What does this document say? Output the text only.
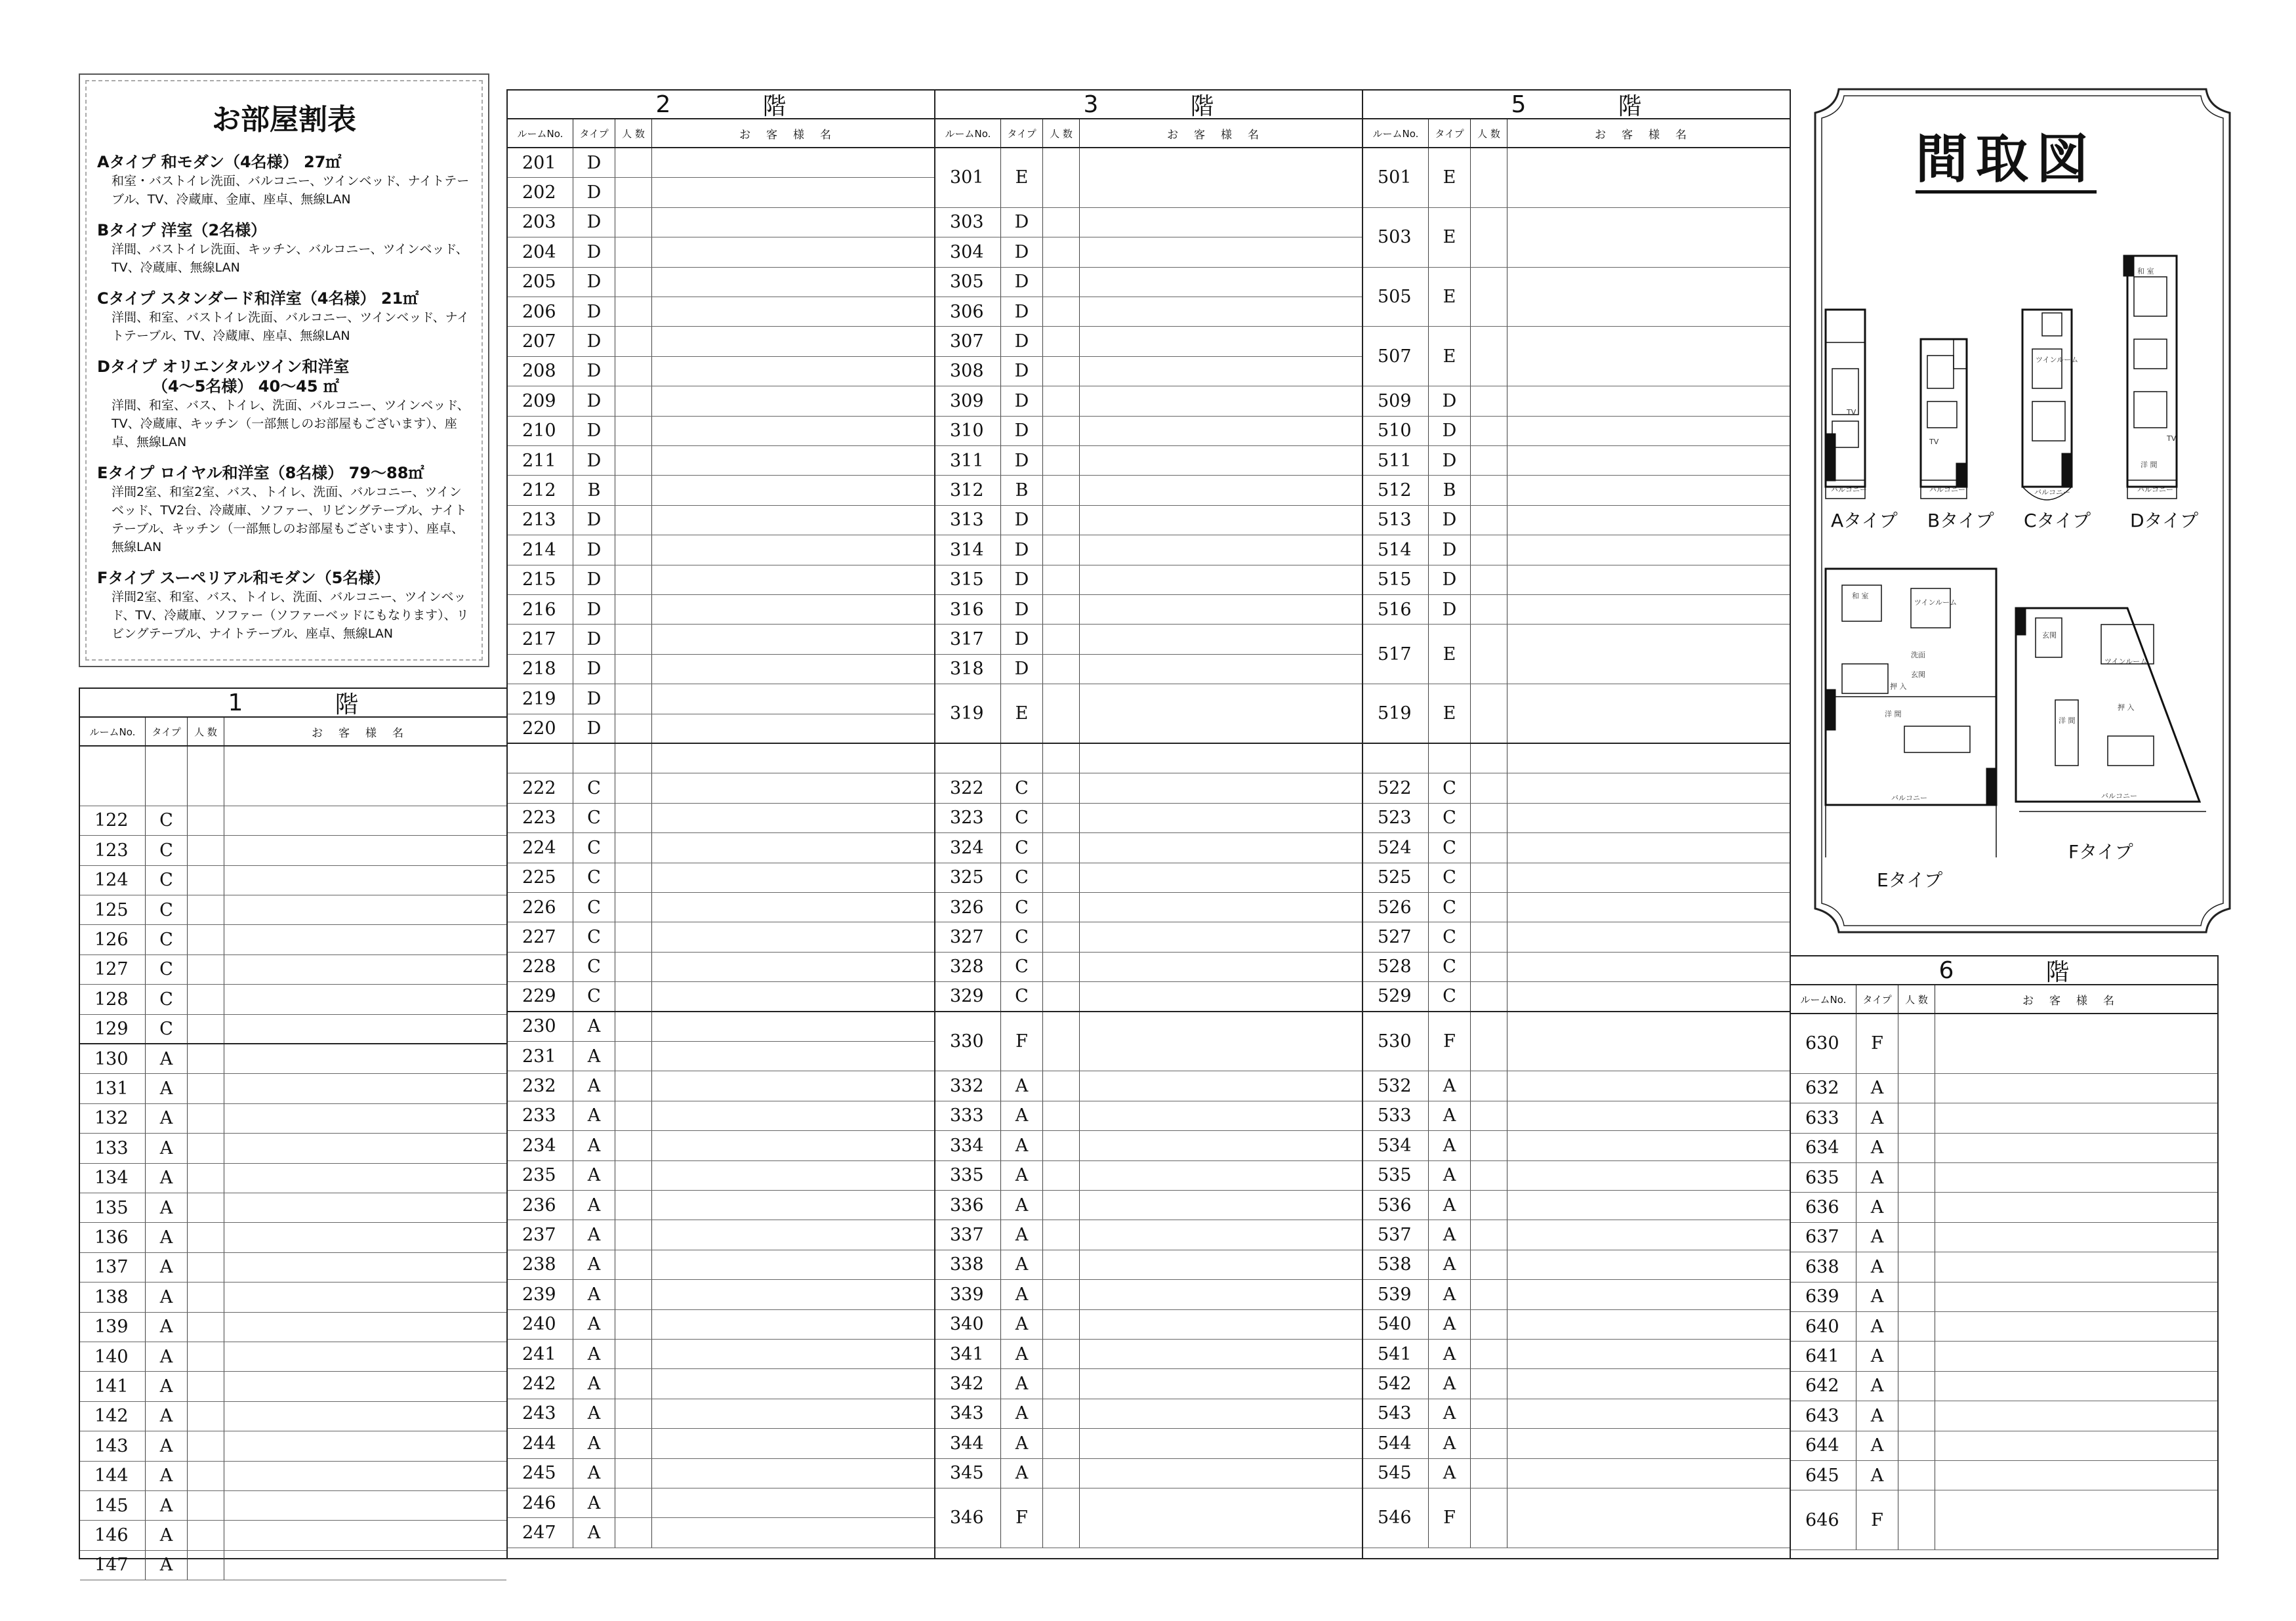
お部屋割表
Aタイプ 和モダン（4名様） 27㎡
和室・バストイレ洗面、バルコニー、ツインベッド、ナイトテーブル、TV、冷蔵庫、金庫、座卓、無線LAN
Bタイプ 洋室（2名様）
洋間、バストイレ洗面、キッチン、バルコニー、ツインベッド、TV、冷蔵庫、無線LAN
Cタイプ スタンダード和洋室（4名様） 21㎡
洋間、和室、バストイレ洗面、バルコニー、ツインベッド、ナイトテーブル、TV、冷蔵庫、座卓、無線LAN
Dタイプ オリエンタルツイン和洋室
　　　　（4〜5名様） 40〜45 ㎡
洋間、和室、バス、トイレ、洗面、バルコニー、ツインベッド、TV、冷蔵庫、キッチン（一部無しのお部屋もございます）、座卓、無線LAN
Eタイプ ロイヤル和洋室（8名様） 79〜88㎡
洋間2室、和室2室、バス、トイレ、洗面、バルコニー、ツインベッド、TV2台、冷蔵庫、ソファー、リビングテーブル、ナイトテーブル、キッチン（一部無しのお部屋もございます）、座卓、無線LAN
Fタイプ スーペリアル和モダン（5名様）
洋間2室、和室、バス、トイレ、洗面、バルコニー、ツインベッド、TV、冷蔵庫、ソファー（ソファーベッドにもなります）、リビングテーブル、ナイトテーブル、座卓、無線LAN
1	階
ルームNo.	タイプ	人 数	お客様名
122	C
123	C
124	C
125	C
126	C
127	C
128	C
129	C
130	A
131	A
132	A
133	A
134	A
135	A
136	A
137	A
138	A
139	A
140	A
141	A
142	A
143	A
144	A
145	A
146	A
147	A
2	階
ルームNo.	タイプ	人 数	お客様名
201	D
202	D
203	D
204	D
205	D
206	D
207	D
208	D
209	D
210	D
211	D
212	B
213	D
214	D
215	D
216	D
217	D
218	D
219	D
220	D
222	C
223	C
224	C
225	C
226	C
227	C
228	C
229	C
230	A
231	A
232	A
233	A
234	A
235	A
236	A
237	A
238	A
239	A
240	A
241	A
242	A
243	A
244	A
245	A
246	A
247	A
3	階
ルームNo.	タイプ	人 数	お客様名
301	E
303	D
304	D
305	D
306	D
307	D
308	D
309	D
310	D
311	D
312	B
313	D
314	D
315	D
316	D
317	D
318	D
319	E
322	C
323	C
324	C
325	C
326	C
327	C
328	C
329	C
330	F
332	A
333	A
334	A
335	A
336	A
337	A
338	A
339	A
340	A
341	A
342	A
343	A
344	A
345	A
346	F
5	階
ルームNo.	タイプ	人 数	お客様名
501	E
503	E
505	E
507	E
509	D
510	D
511	D
512	B
513	D
514	D
515	D
516	D
517	E
519	E
522	C
523	C
524	C
525	C
526	C
527	C
528	C
529	C
530	F
532	A
533	A
534	A
535	A
536	A
537	A
538	A
539	A
540	A
541	A
542	A
543	A
544	A
545	A
546	F
6	階
ルームNo.	タイプ	人 数	お客様名
630	F
632	A
633	A
634	A
635	A
636	A
637	A
638	A
639	A
640	A
641	A
642	A
643	A
644	A
645	A
646	F
バルコニー	バルコニー	バルコニー	バルコニー
和 室
ツインルーム
洋 間
和 室
ツインルーム
洋 間
バルコニー
玄関
洗面
押 入
ツインルーム
押 入
バルコニー
玄関
洋 間
TV
TV	TV
間取図
Aタイプ Bタイプ Cタイプ Dタイプ
Eタイプ
Fタイプ
